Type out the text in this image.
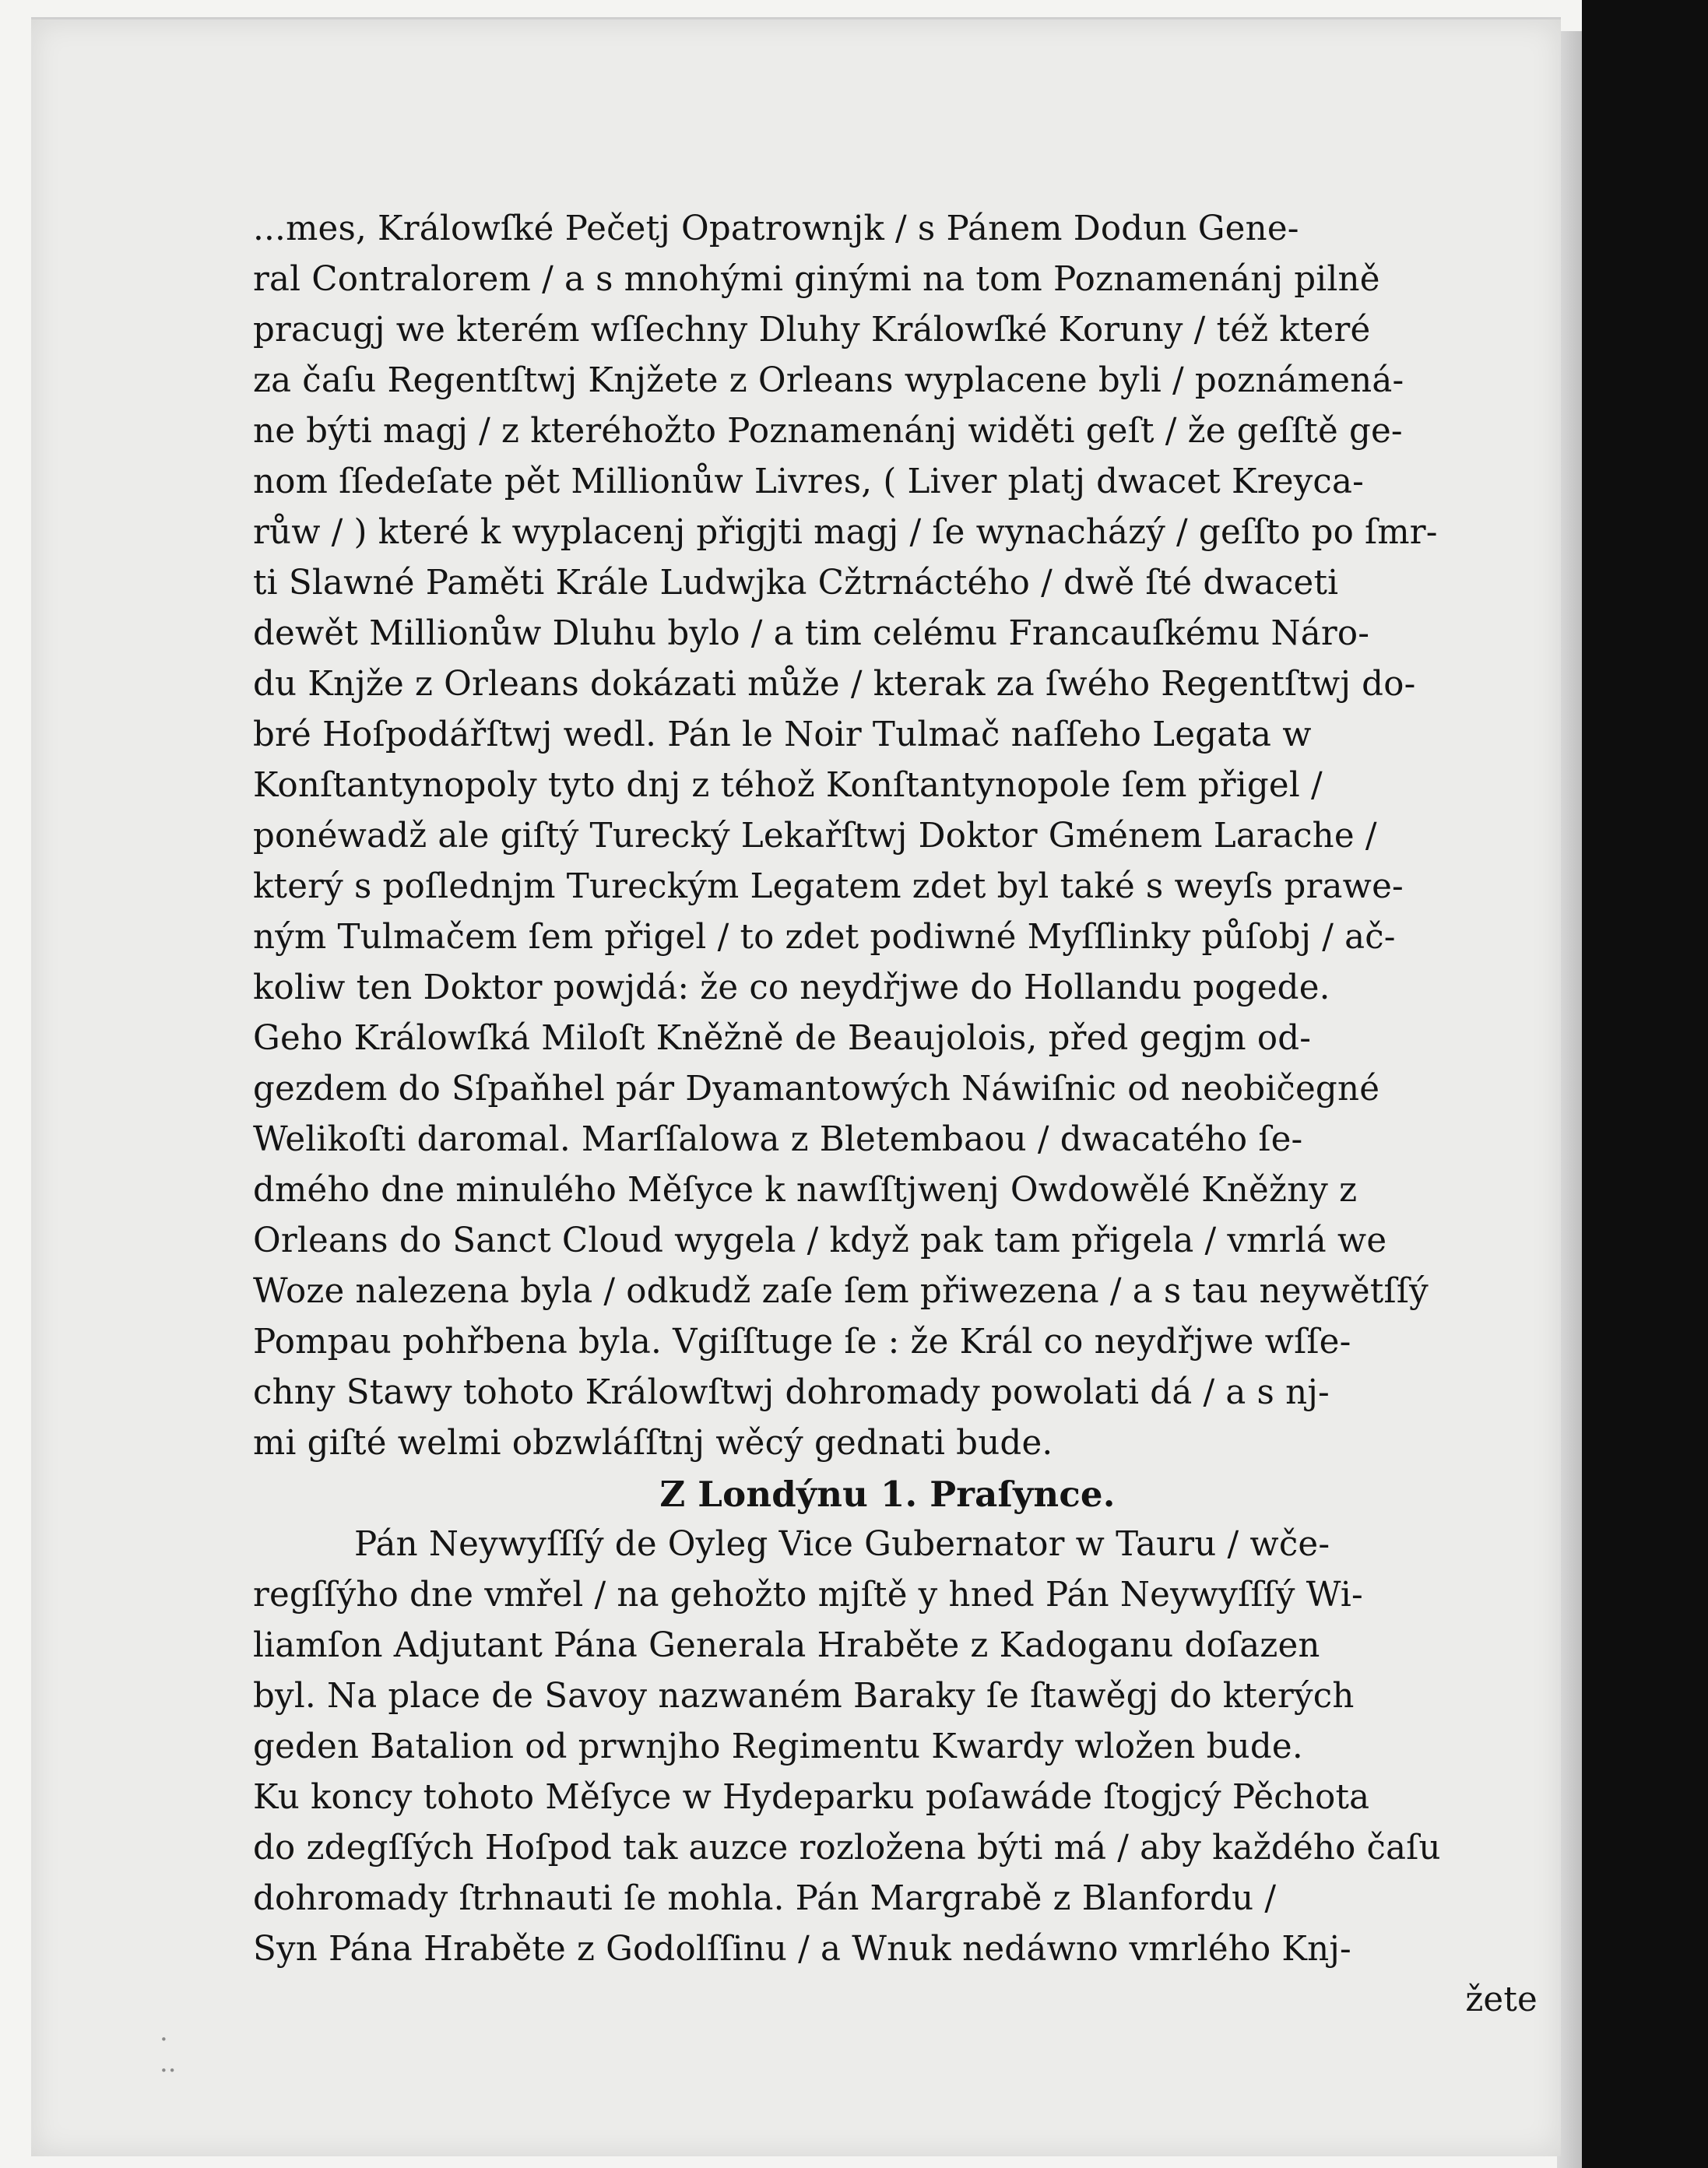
...mes, Králowſké Pečetj Opatrownjk / s Pánem Dodun Gene-
ral Contralorem / a s mnohými ginými na tom Poznamenánj pilně
pracugj we kterém wſſechny Dluhy Králowſké Koruny / též které
za čaſu Regentſtwj Knjžete z Orleans wyplacene byli / poznámená-
ne býti magj / z kteréhožto Poznamenánj widěti geſt / že geſſtě ge-
nom ſſedeſate pět Millionůw Livres, ( Liver platj dwacet Kreyca-
růw / ) které k wyplacenj přigjti magj / ſe wynacházý / geſſto po ſmr-
ti Slawné Paměti Krále Ludwjka Cžtrnáctého / dwě ſté dwaceti
dewět Millionůw Dluhu bylo / a tim celému Francauſkému Náro-
du Knjže z Orleans dokázati může / kterak za ſwého Regentſtwj do-
bré Hoſpodářſtwj wedl. Pán le Noir Tulmač naſſeho Legata w
Konſtantynopoly tyto dnj z téhož Konſtantynopole ſem přigel /
ponéwadž ale giſtý Turecký Lekařſtwj Doktor Gménem Larache /
který s poſlednjm Tureckým Legatem zdet byl také s weyſs prawe-
ným Tulmačem ſem přigel / to zdet podiwné Myſſlinky půſobj / ač-
koliw ten Doktor powjdá: že co neydřjwe do Hollandu pogede.
Geho Králowſká Miloſt Kněžně de Beaujolois, před gegjm od-
gezdem do Sſpaňhel pár Dyamantowých Náwiſnic od neobičegné
Welikoſti daromal. Marſſalowa z Bletembaou / dwacatého ſe-
dmého dne minulého Měſyce k nawſſtjwenj Owdowělé Kněžny z
Orleans do Sanct Cloud wygela / když pak tam přigela / vmrlá we
Woze nalezena byla / odkudž zaſe ſem přiwezena / a s tau neywětſſý
Pompau pohřbena byla. Vgiſſtuge ſe : že Král co neydřjwe wſſe-
chny Stawy tohoto Králowſtwj dohromady powolati dá / a s nj-
mi giſté welmi obzwláſſtnj wěcý gednati bude.
Z Londýnu 1. Praſynce.
Pán Neywyſſſý de Oyleg Vice Gubernator w Tauru / wče-
regſſýho dne vmřel / na gehožto mjſtě y hned Pán Neywyſſſý Wi-
liamſon Adjutant Pána Generala Hraběte z Kadoganu doſazen
byl. Na place de Savoy nazwaném Baraky ſe ſtawěgj do kterých
geden Batalion od prwnjho Regimentu Kwardy wložen bude.
Ku koncy tohoto Měſyce w Hydeparku poſawáde ſtogjcý Pěchota
do zdegſſých Hoſpod tak auzce rozložena býti má / aby každého čaſu
dohromady ſtrhnauti ſe mohla. Pán Margrabě z Blanfordu /
Syn Pána Hraběte z Godolſſinu / a Wnuk nedáwno vmrlého Knj-
žete
·
··
